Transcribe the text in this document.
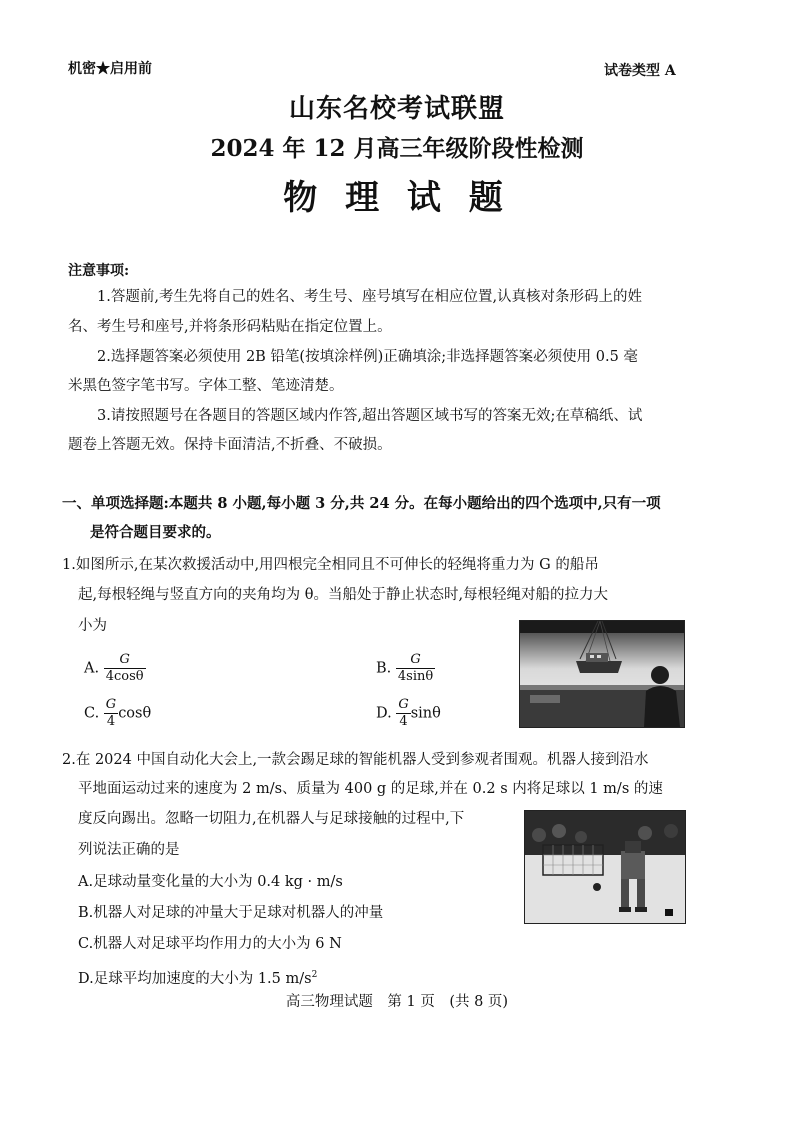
机密★启用前	试卷类型 A
山东名校考试联盟
2024 年 12 月高三年级阶段性检测
物 理 试 题
注意事项:
1.答题前,考生先将自己的姓名、考生号、座号填写在相应位置,认真核对条形码上的姓
名、考生号和座号,并将条形码粘贴在指定位置上。
2.选择题答案必须使用 2B 铅笔(按填涂样例)正确填涂;非选择题答案必须使用 0.5 毫
米黑色签字笔书写。字体工整、笔迹清楚。
3.请按照题号在各题目的答题区域内作答,超出答题区域书写的答案无效;在草稿纸、试
题卷上答题无效。保持卡面清洁,不折叠、不破损。
一、单项选择题:本题共 8 小题,每小题 3 分,共 24 分。在每小题给出的四个选项中,只有一项
是符合题目要求的。
1.如图所示,在某次救援活动中,用四根完全相同且不可伸长的轻绳将重力为 G 的船吊
起,每根轻绳与竖直方向的夹角均为 θ。当船处于静止状态时,每根轻绳对船的拉力大
小为
A. $\frac{G}{4\cos\theta}$	B. $\frac{G}{4\sin\theta}$
C. $\frac{G}{4}$ cosθ	D. $\frac{G}{4}$ sinθ
2.在 2024 中国自动化大会上,一款会踢足球的智能机器人受到参观者围观。机器人接到沿水
平地面运动过来的速度为 2 m/s、质量为 400 g 的足球,并在 0.2 s 内将足球以 1 m/s 的速
度反向踢出。忽略一切阻力,在机器人与足球接触的过程中,下
列说法正确的是
A.足球动量变化量的大小为 0.4 kg · m/s
B.机器人对足球的冲量大于足球对机器人的冲量
C.机器人对足球平均作用力的大小为 6 N
D.足球平均加速度的大小为 1.5 $m/s^2$
高三物理试题　第 1 页　(共 8 页)
